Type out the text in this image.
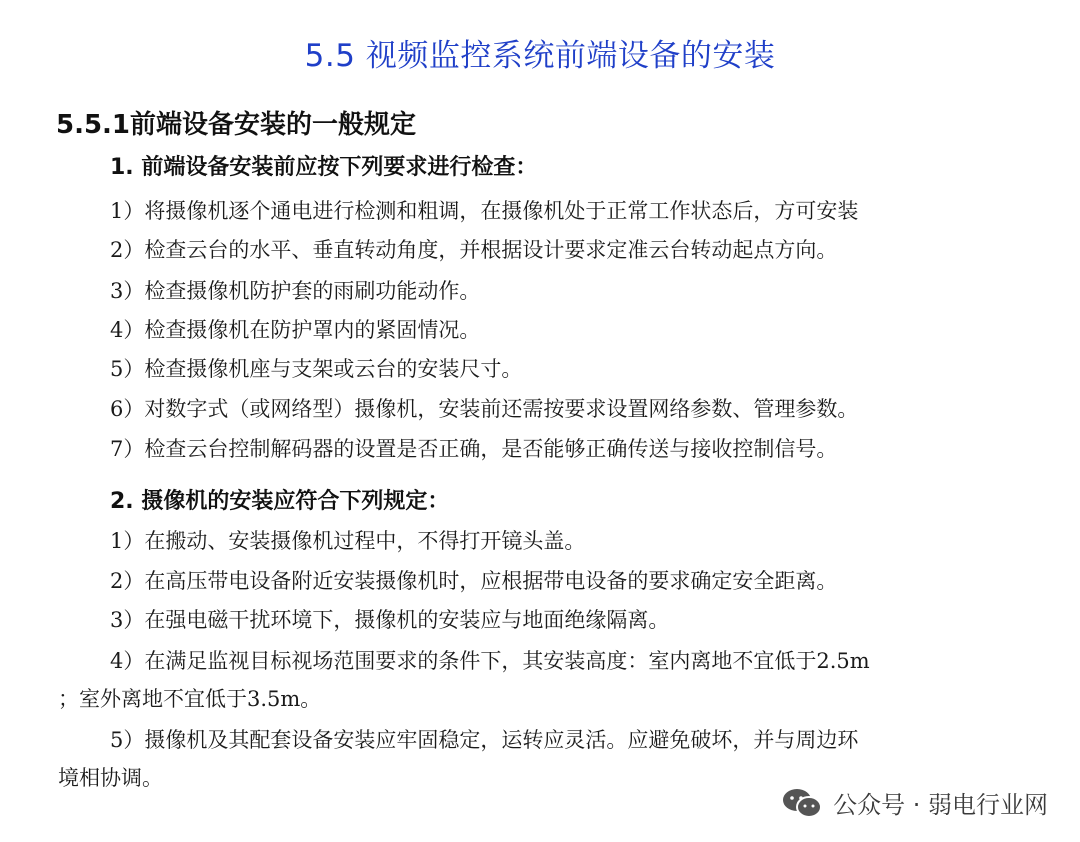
5.5 视频监控系统前端设备的安装
5.5.1前端设备安装的一般规定
1. 前端设备安装前应按下列要求进行检查：
1）将摄像机逐个通电进行检测和粗调，在摄像机处于正常工作状态后，方可安装
2）检查云台的水平、垂直转动角度，并根据设计要求定准云台转动起点方向。
3）检查摄像机防护套的雨刷功能动作。
4）检查摄像机在防护罩内的紧固情况。
5）检查摄像机座与支架或云台的安装尺寸。
6）对数字式（或网络型）摄像机，安装前还需按要求设置网络参数、管理参数。
7）检查云台控制解码器的设置是否正确，是否能够正确传送与接收控制信号。
2. 摄像机的安装应符合下列规定：
1）在搬动、安装摄像机过程中，不得打开镜头盖。
2）在高压带电设备附近安装摄像机时，应根据带电设备的要求确定安全距离。
3）在强电磁干扰环境下，摄像机的安装应与地面绝缘隔离。
4）在满足监视目标视场范围要求的条件下，其安装高度：室内离地不宜低于2.5m
；室外离地不宜低于3.5m。
5）摄像机及其配套设备安装应牢固稳定，运转应灵活。应避免破坏，并与周边环
境相协调。
公众号 · 弱电行业网
